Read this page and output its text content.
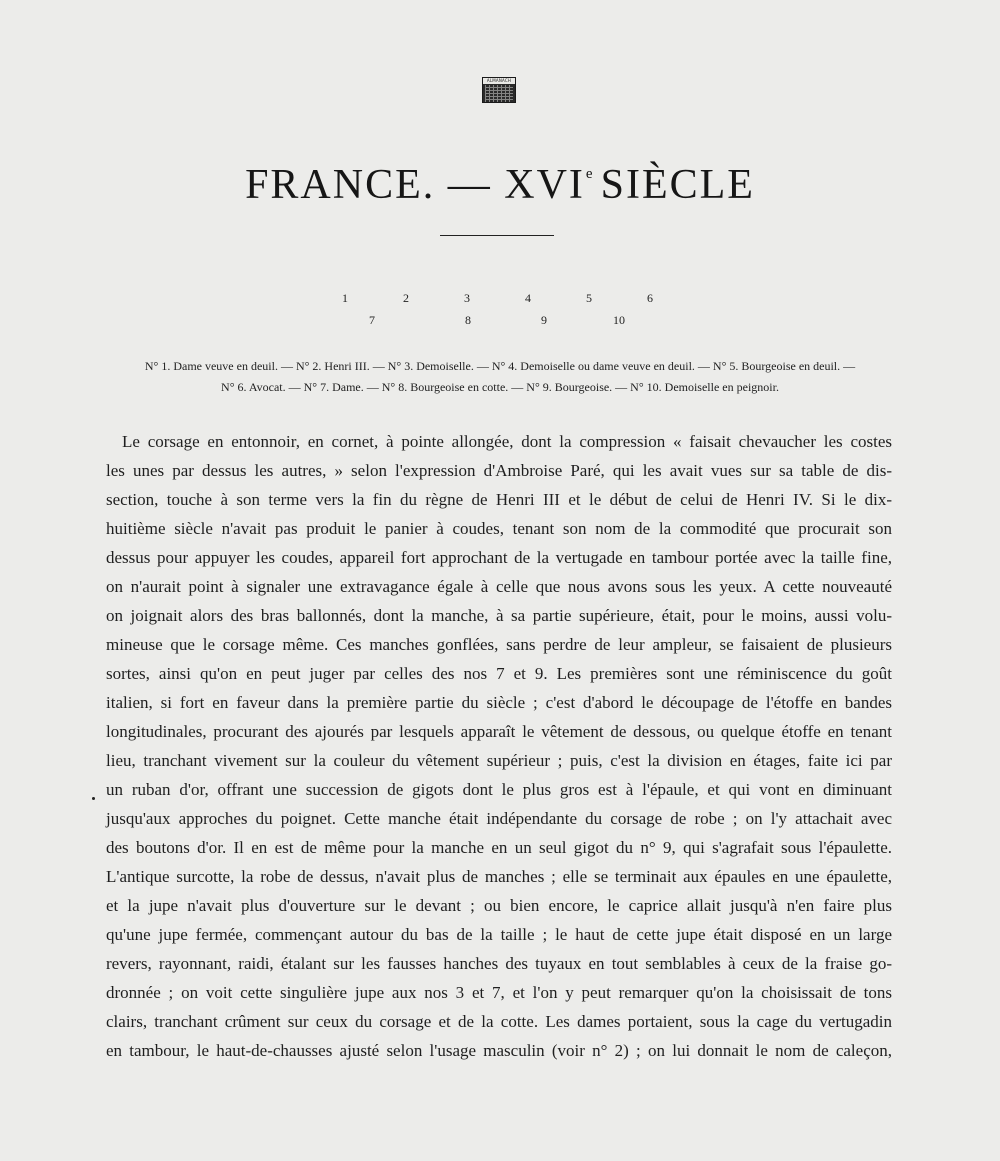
ALMANACH
FRANCE. — XVIe SIÈCLE
1	2	3	4	5	6
7	8	9	10
N° 1. Dame veuve en deuil. — N° 2. Henri III. — N° 3. Demoiselle. — N° 4. Demoiselle ou dame veuve en deuil. — N° 5. Bourgeoise en deuil. —
N° 6. Avocat. — N° 7. Dame. — N° 8. Bourgeoise en cotte. — N° 9. Bourgeoise. — N° 10. Demoiselle en peignoir.
Le corsage en entonnoir, en cornet, à pointe allongée, dont la compression « faisait chevaucher les costes
les unes par dessus les autres, » selon l'expression d'Ambroise Paré, qui les avait vues sur sa table de dis-
section, touche à son terme vers la fin du règne de Henri III et le début de celui de Henri IV. Si le dix-
huitième siècle n'avait pas produit le panier à coudes, tenant son nom de la commodité que procurait son
dessus pour appuyer les coudes, appareil fort approchant de la vertugade en tambour portée avec la taille fine,
on n'aurait point à signaler une extravagance égale à celle que nous avons sous les yeux. A cette nouveauté
on joignait alors des bras ballonnés, dont la manche, à sa partie supérieure, était, pour le moins, aussi volu-
mineuse que le corsage même. Ces manches gonflées, sans perdre de leur ampleur, se faisaient de plusieurs
sortes, ainsi qu'on en peut juger par celles des nos 7 et 9. Les premières sont une réminiscence du goût
italien, si fort en faveur dans la première partie du siècle ; c'est d'abord le découpage de l'étoffe en bandes
longitudinales, procurant des ajourés par lesquels apparaît le vêtement de dessous, ou quelque étoffe en tenant
lieu, tranchant vivement sur la couleur du vêtement supérieur ; puis, c'est la division en étages, faite ici par
un ruban d'or, offrant une succession de gigots dont le plus gros est à l'épaule, et qui vont en diminuant
jusqu'aux approches du poignet. Cette manche était indépendante du corsage de robe ; on l'y attachait avec
des boutons d'or. Il en est de même pour la manche en un seul gigot du n° 9, qui s'agrafait sous l'épaulette.
L'antique surcotte, la robe de dessus, n'avait plus de manches ; elle se terminait aux épaules en une épaulette,
et la jupe n'avait plus d'ouverture sur le devant ; ou bien encore, le caprice allait jusqu'à n'en faire plus
qu'une jupe fermée, commençant autour du bas de la taille ; le haut de cette jupe était disposé en un large
revers, rayonnant, raidi, étalant sur les fausses hanches des tuyaux en tout semblables à ceux de la fraise go-
dronnée ; on voit cette singulière jupe aux nos 3 et 7, et l'on y peut remarquer qu'on la choisissait de tons
clairs, tranchant crûment sur ceux du corsage et de la cotte. Les dames portaient, sous la cage du vertugadin
en tambour, le haut-de-chausses ajusté selon l'usage masculin (voir n° 2) ; on lui donnait le nom de caleçon,
